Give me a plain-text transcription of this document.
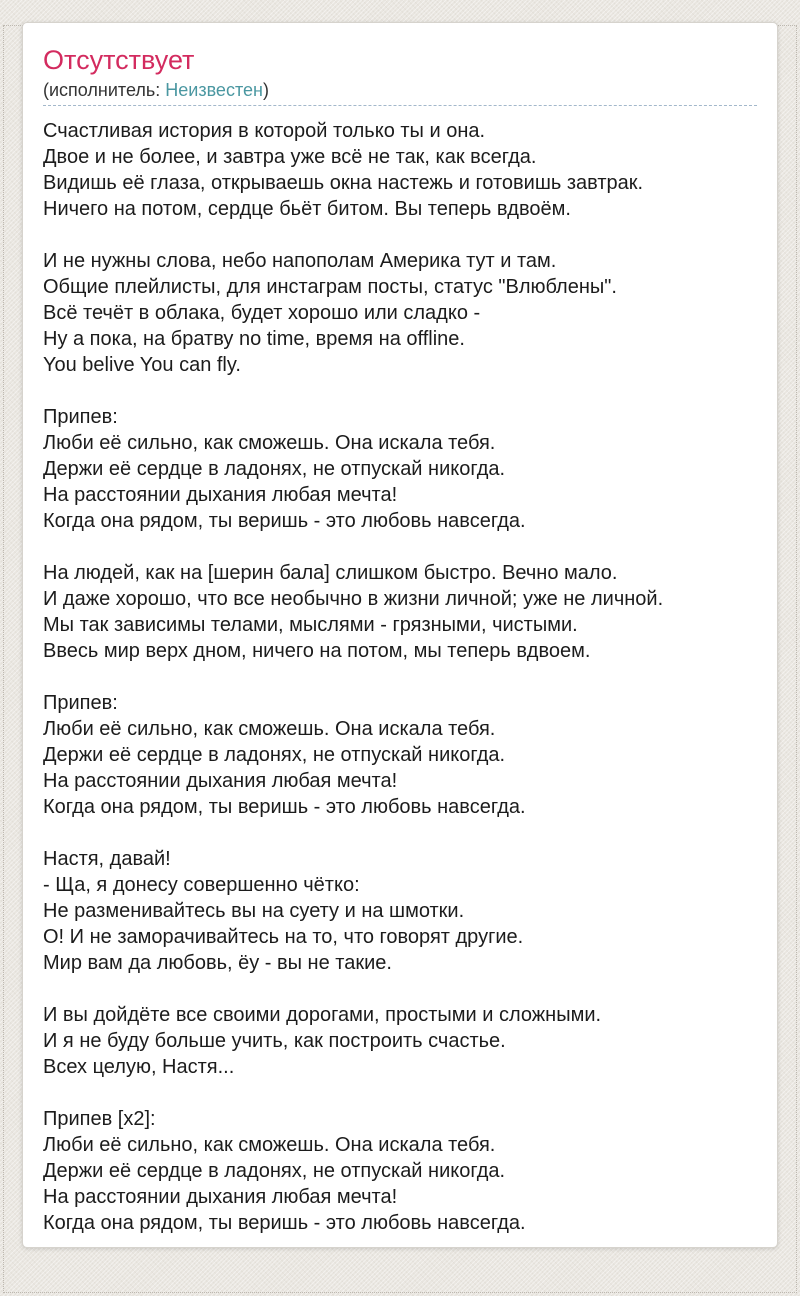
Отсутствует
(исполнитель: Неизвестен)
Счастливая история в которой только ты и она.
Двое и не более, и завтра уже всё не так, как всегда.
Видишь её глаза, открываешь окна настежь и готовишь завтрак.
Ничего на потом, сердце бьёт битом. Вы теперь вдвоём.
И не нужны слова, небо напополам Америка тут и там.
Общие плейлисты, для инстаграм посты, статус "Влюблены".
Всё течёт в облака, будет хорошо или сладко -
Ну а пока, на братву no time, время на offline.
You belive You can fly.
Припев:
Люби её сильно, как сможешь. Она искала тебя.
Держи её сердце в ладонях, не отпускай никогда.
На расстоянии дыхания любая мечта!
Когда она рядом, ты веришь - это любовь навсегда.
На людей, как на [шерин бала] слишком быстро. Вечно мало.
И даже хорошо, что все необычно в жизни личной; уже не личной.
Мы так зависимы телами, мыслями - грязными, чистыми.
Ввесь мир верх дном, ничего на потом, мы теперь вдвоем.
Припев:
Люби её сильно, как сможешь. Она искала тебя.
Держи её сердце в ладонях, не отпускай никогда.
На расстоянии дыхания любая мечта!
Когда она рядом, ты веришь - это любовь навсегда.
Настя, давай!
- Ща, я донесу совершенно чётко:
Не разменивайтесь вы на суету и на шмотки.
О! И не заморачивайтесь на то, что говорят другие.
Мир вам да любовь, ёу - вы не такие.
И вы дойдёте все своими дорогами, простыми и сложными.
И я не буду больше учить, как построить счастье.
Всех целую, Настя...
Припев [х2]:
Люби её сильно, как сможешь. Она искала тебя.
Держи её сердце в ладонях, не отпускай никогда.
На расстоянии дыхания любая мечта!
Когда она рядом, ты веришь - это любовь навсегда.
